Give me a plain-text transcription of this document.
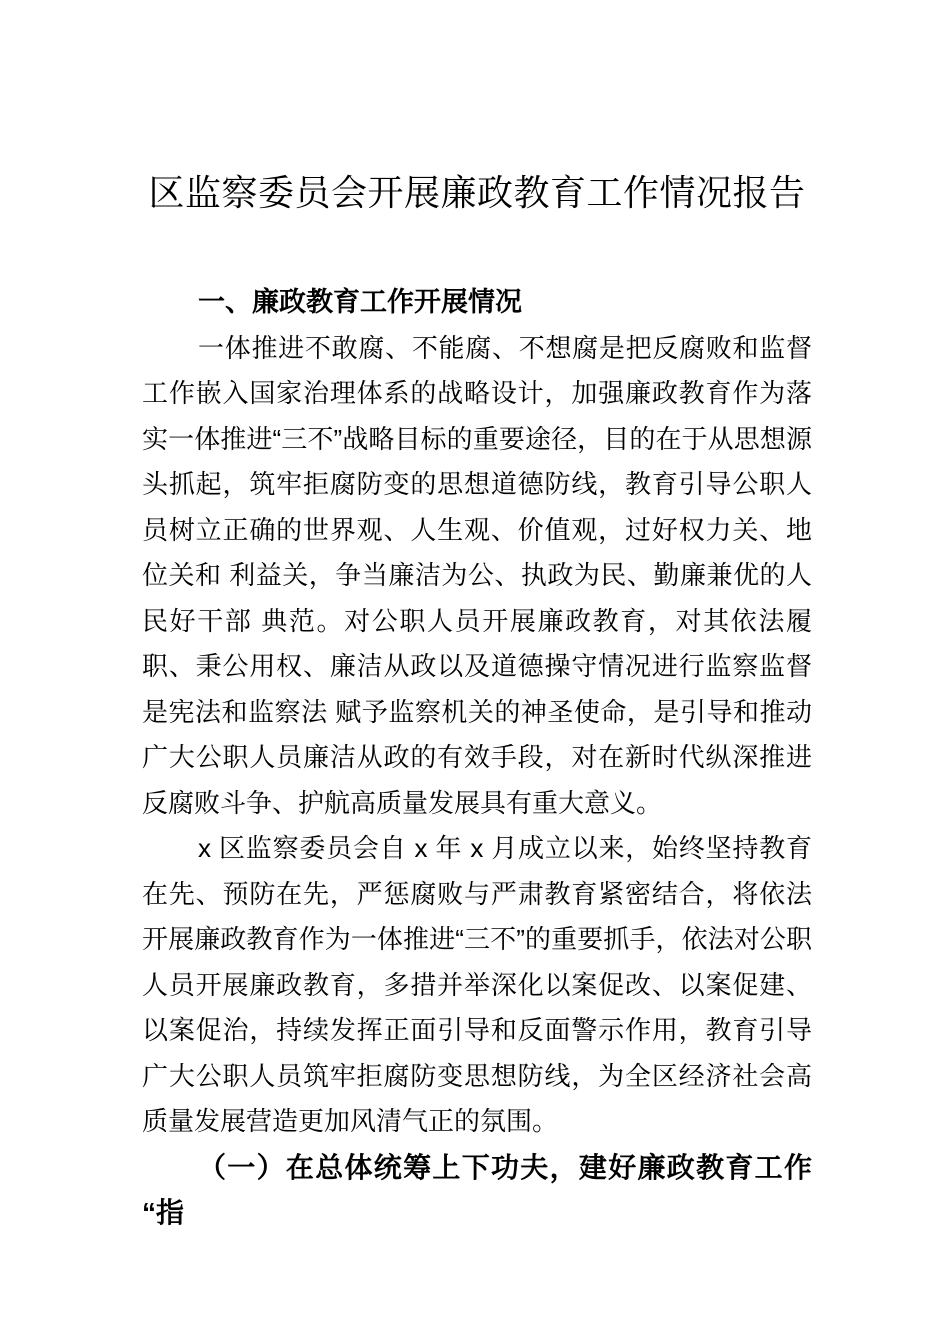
区监察委员会开展廉政教育工作情况报告

一、廉政教育工作开展情况

一体推进不敢腐、不能腐、不想腐是把反腐败和监督工作嵌入国家治理体系的战略设计，加强廉政教育作为落实一体推进“三不”战略目标的重要途径，目的在于从思想源头抓起，筑牢拒腐防变的思想道德防线，教育引导公职人员树立正确的世界观、人生观、价值观，过好权力关、地位关和 利益关，争当廉洁为公、执政为民、勤廉兼优的人民好干部 典范。对公职人员开展廉政教育，对其依法履职、秉公用权、廉洁从政以及道德操守情况进行监察监督是宪法和监察法 赋予监察机关的神圣使命，是引导和推动广大公职人员廉洁从政的有效手段，对在新时代纵深推进反腐败斗争、护航高质量发展具有重大意义。

x 区监察委员会自 x 年 x 月成立以来，始终坚持教育在先、预防在先，严惩腐败与严肃教育紧密结合，将依法开展廉政教育作为一体推进“三不”的重要抓手，依法对公职人员开展廉政教育，多措并举深化以案促改、以案促建、以案促治，持续发挥正面引导和反面警示作用，教育引导广大公职人员筑牢拒腐防变思想防线，为全区经济社会高质量发展营造更加风清气正的氛围。

（一）在总体统筹上下功夫，建好廉政教育工作“指
